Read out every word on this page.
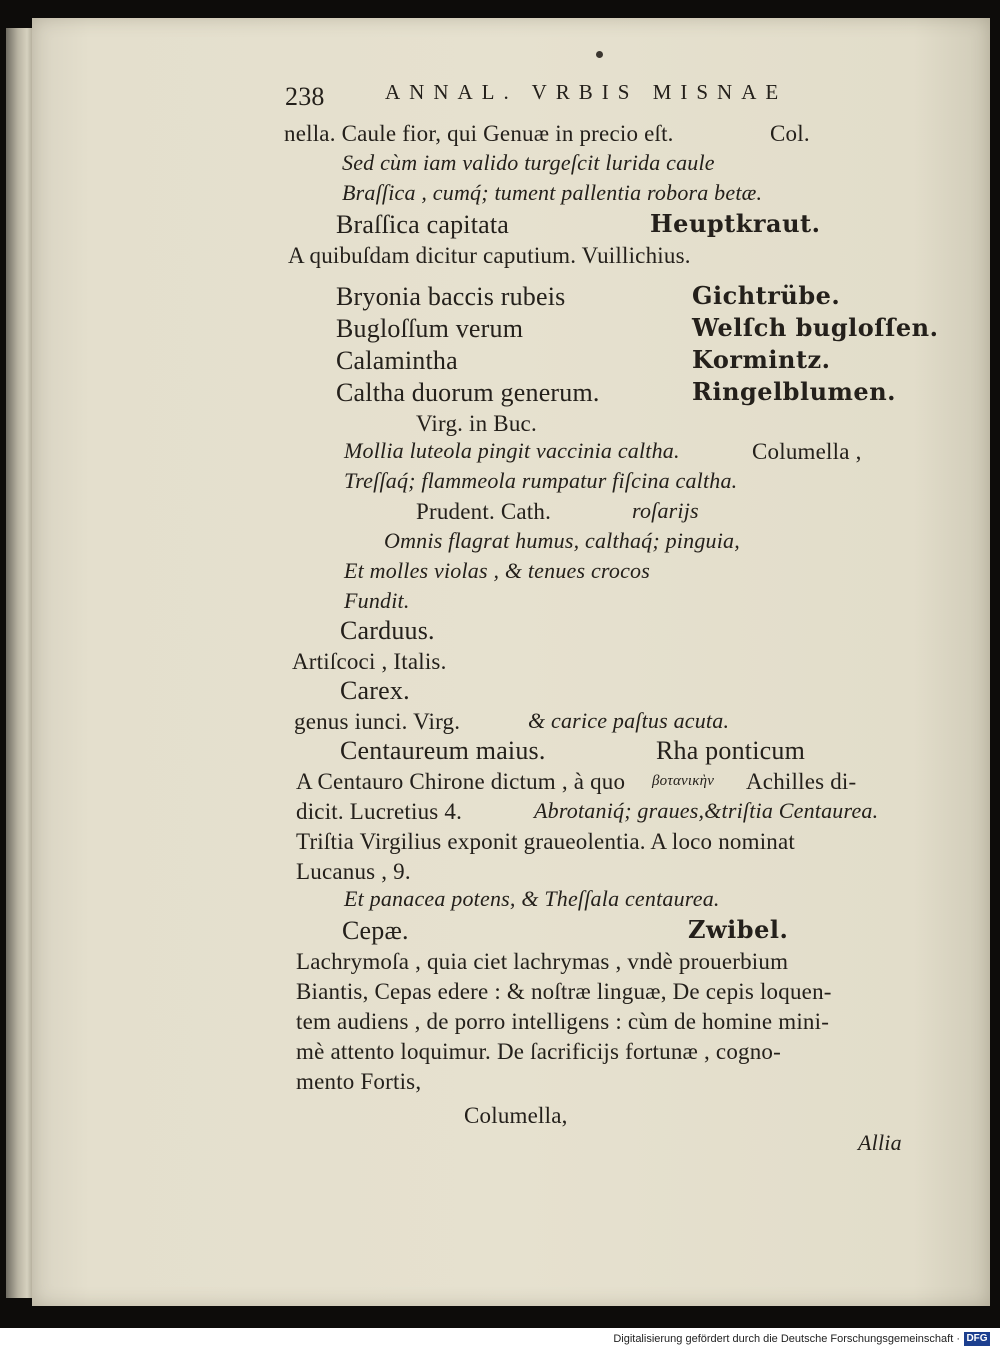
238	ANNAL. VRBIS MISNAE
nella. Caule fior, qui Genuæ in precio eſt.	Col.
Sed cùm iam valido turgeſcit lurida caule
Braſſica , cumq́; tument pallentia robora betæ.
Braſſica capitata	Heuptkraut.
A quibuſdam dicitur caputium. Vuillichius.
Bryonia baccis rubeis	Gichtrübe.
Bugloſſum verum	Welſch bugloſſen.
Calamintha	Kormintz.
Caltha duorum generum.	Ringelblumen.
Virg. in Buc.
Mollia luteola pingit vaccinia caltha.	Columella ,
Treſſaq́; flammeola rumpatur fiſcina caltha.
Prudent. Cath.	roſarijs
Omnis flagrat humus, calthaq́; pinguia,
Et molles violas , & tenues crocos
Fundit.
Carduus.
Artiſcoci , Italis.
Carex.
genus iunci. Virg.	& carice paſtus acuta.
Centaureum maius.	Rha ponticum
A Centauro Chirone dictum , à quo βοτανικὴν Achilles di-
dicit. Lucretius 4.	Abrotaniq́; graues,&triſtia Centaurea.
Triſtia Virgilius exponit graueolentia. A loco nominat
Lucanus , 9.
Et panacea potens, & Theſſala centaurea.
Cepæ.	Zwibel.
Lachrymoſa , quia ciet lachrymas , vndè prouerbium
Biantis, Cepas edere : & noſtræ linguæ, De cepis loquen-
tem audiens , de porro intelligens : cùm de homine mini-
mè attento loquimur. De ſacrificijs fortunæ , cogno-
mento Fortis,
Columella,
Allia
Digitalisierung gefördert durch die Deutsche Forschungsgemeinschaft · DFG
